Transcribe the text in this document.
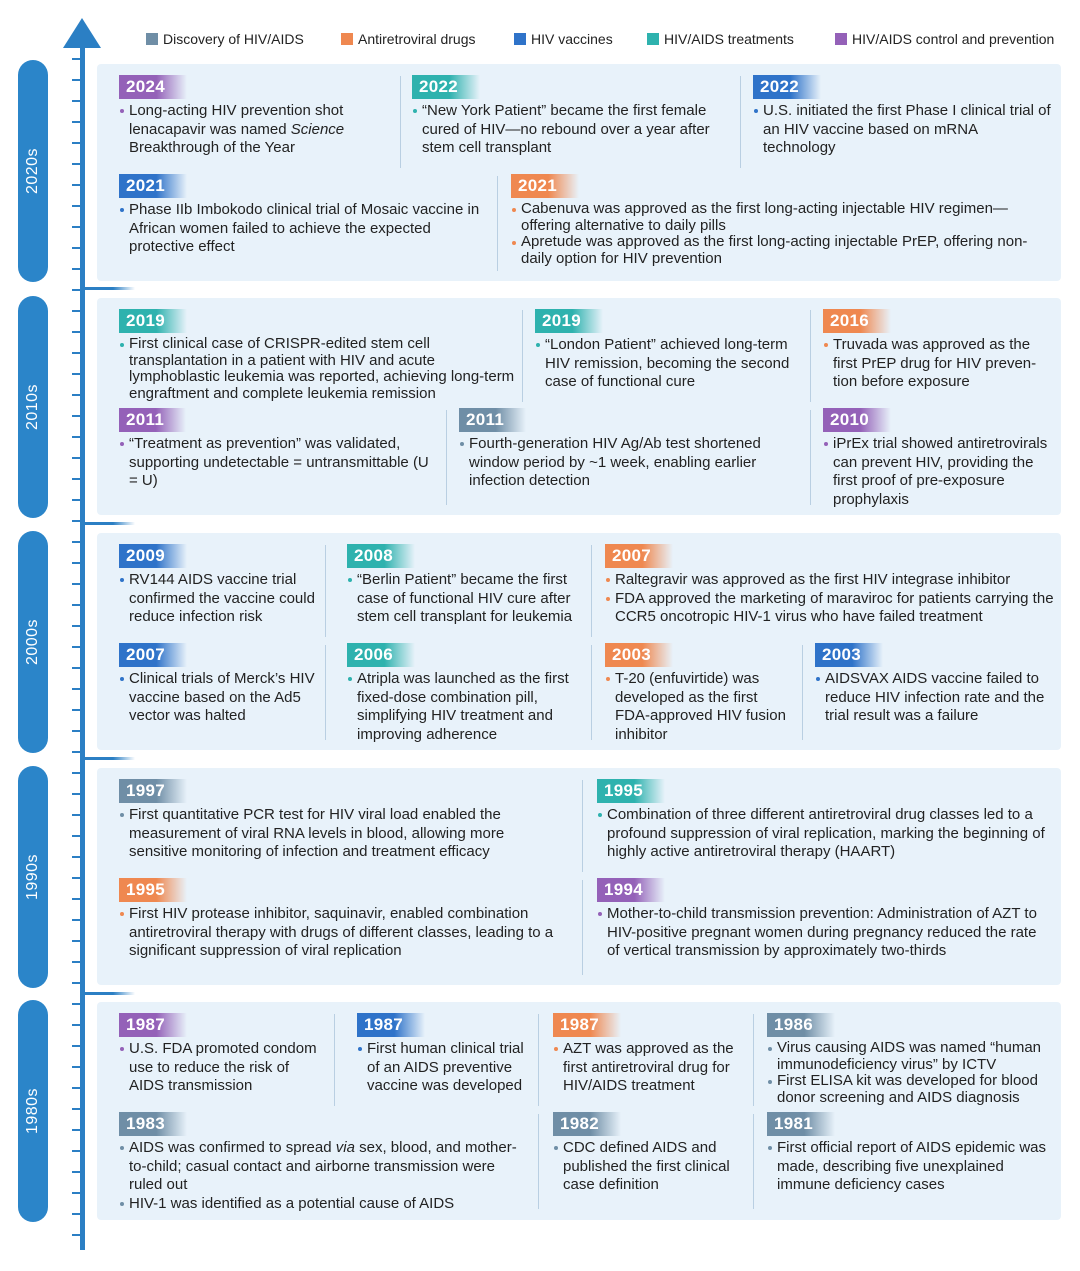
2020s
2010s
2000s
1990s
1980s
Discovery of HIV/AIDS	Antiretroviral drugs	HIV vaccines	HIV/AIDS treatments	HIV/AIDS control and prevention
2024
Long-acting HIV prevention shot lenacapavir was named Science Breakthrough of the Year
2022
“New York Patient” became the first female cured of HIV—no rebound over a year after stem cell transplant
2022
U.S. initiated the first Phase I clinical trial of an HIV vaccine based on mRNA technology
2021
Phase IIb Imbokodo clinical trial of Mosaic vaccine in African women failed to achieve the expected protective effect
2021
Cabenuva was approved as the first long-acting injectable HIV regimen—offering alternative to daily pills
Apretude was approved as the first long-acting injectable PrEP, offering non-daily option for HIV prevention
2019
First clinical case of CRISPR-edited stem cell transplantation in a patient with HIV and acute lymphoblastic leukemia was reported, achieving long-term engraftment and complete leukemia remission
2019
“London Patient” achieved long-term HIV remission, becoming the second case of functional cure
2016
Truvada was approved as the first PrEP drug for HIV preven-tion before exposure
2011
“Treatment as prevention” was validated, supporting undetectable = untransmittable (U = U)
2011
Fourth-generation HIV Ag/Ab test shortened window period by ~1 week, enabling earlier infection detection
2010
iPrEx trial showed antiretrovirals can prevent HIV, providing the first proof of pre-exposure prophylaxis
2009
RV144 AIDS vaccine trial confirmed the vaccine could reduce infection risk
2008
“Berlin Patient” became the first case of functional HIV cure after stem cell transplant for leukemia
2007
Raltegravir was approved as the first HIV integrase inhibitor
FDA approved the marketing of maraviroc for patients carrying the CCR5 oncotropic HIV-1 virus who have failed treatment
2007
Clinical trials of Merck’s HIV vaccine based on the Ad5 vector was halted
2006
Atripla was launched as the first fixed-dose combination pill, simplifying HIV treatment and improving adherence
2003
T-20 (enfuvirtide) was developed as the first FDA-approved HIV fusion inhibitor
2003
AIDSVAX AIDS vaccine failed to reduce HIV infection rate and the trial result was a failure
1997
First quantitative PCR test for HIV viral load enabled the measurement of viral RNA levels in blood, allowing more sensitive monitoring of infection and treatment efficacy
1995
Combination of three different antiretroviral drug classes led to a profound suppression of viral replication, marking the beginning of highly active antiretroviral therapy (HAART)
1995
First HIV protease inhibitor, saquinavir, enabled combination antiretroviral therapy with drugs of different classes, leading to a significant suppression of viral replication
1994
Mother-to-child transmission prevention: Administration of AZT to HIV-positive pregnant women during pregnancy reduced the rate of vertical transmission by approximately two-thirds
1987
U.S. FDA promoted condom use to reduce the risk of AIDS transmission
1987
First human clinical trial of an AIDS preventive vaccine was developed
1987
AZT was approved as the first antiretroviral drug for HIV/AIDS treatment
1986
Virus causing AIDS was named “human immunodeficiency virus” by ICTV
First ELISA kit was developed for blood donor screening and AIDS diagnosis
1983
AIDS was confirmed to spread via sex, blood, and mother-to-child; casual contact and airborne transmission were ruled out
HIV-1 was identified as a potential cause of AIDS
1982
CDC defined AIDS and published the first clinical case definition
1981
First official report of AIDS epidemic was made, describing five unexplained immune deficiency cases
